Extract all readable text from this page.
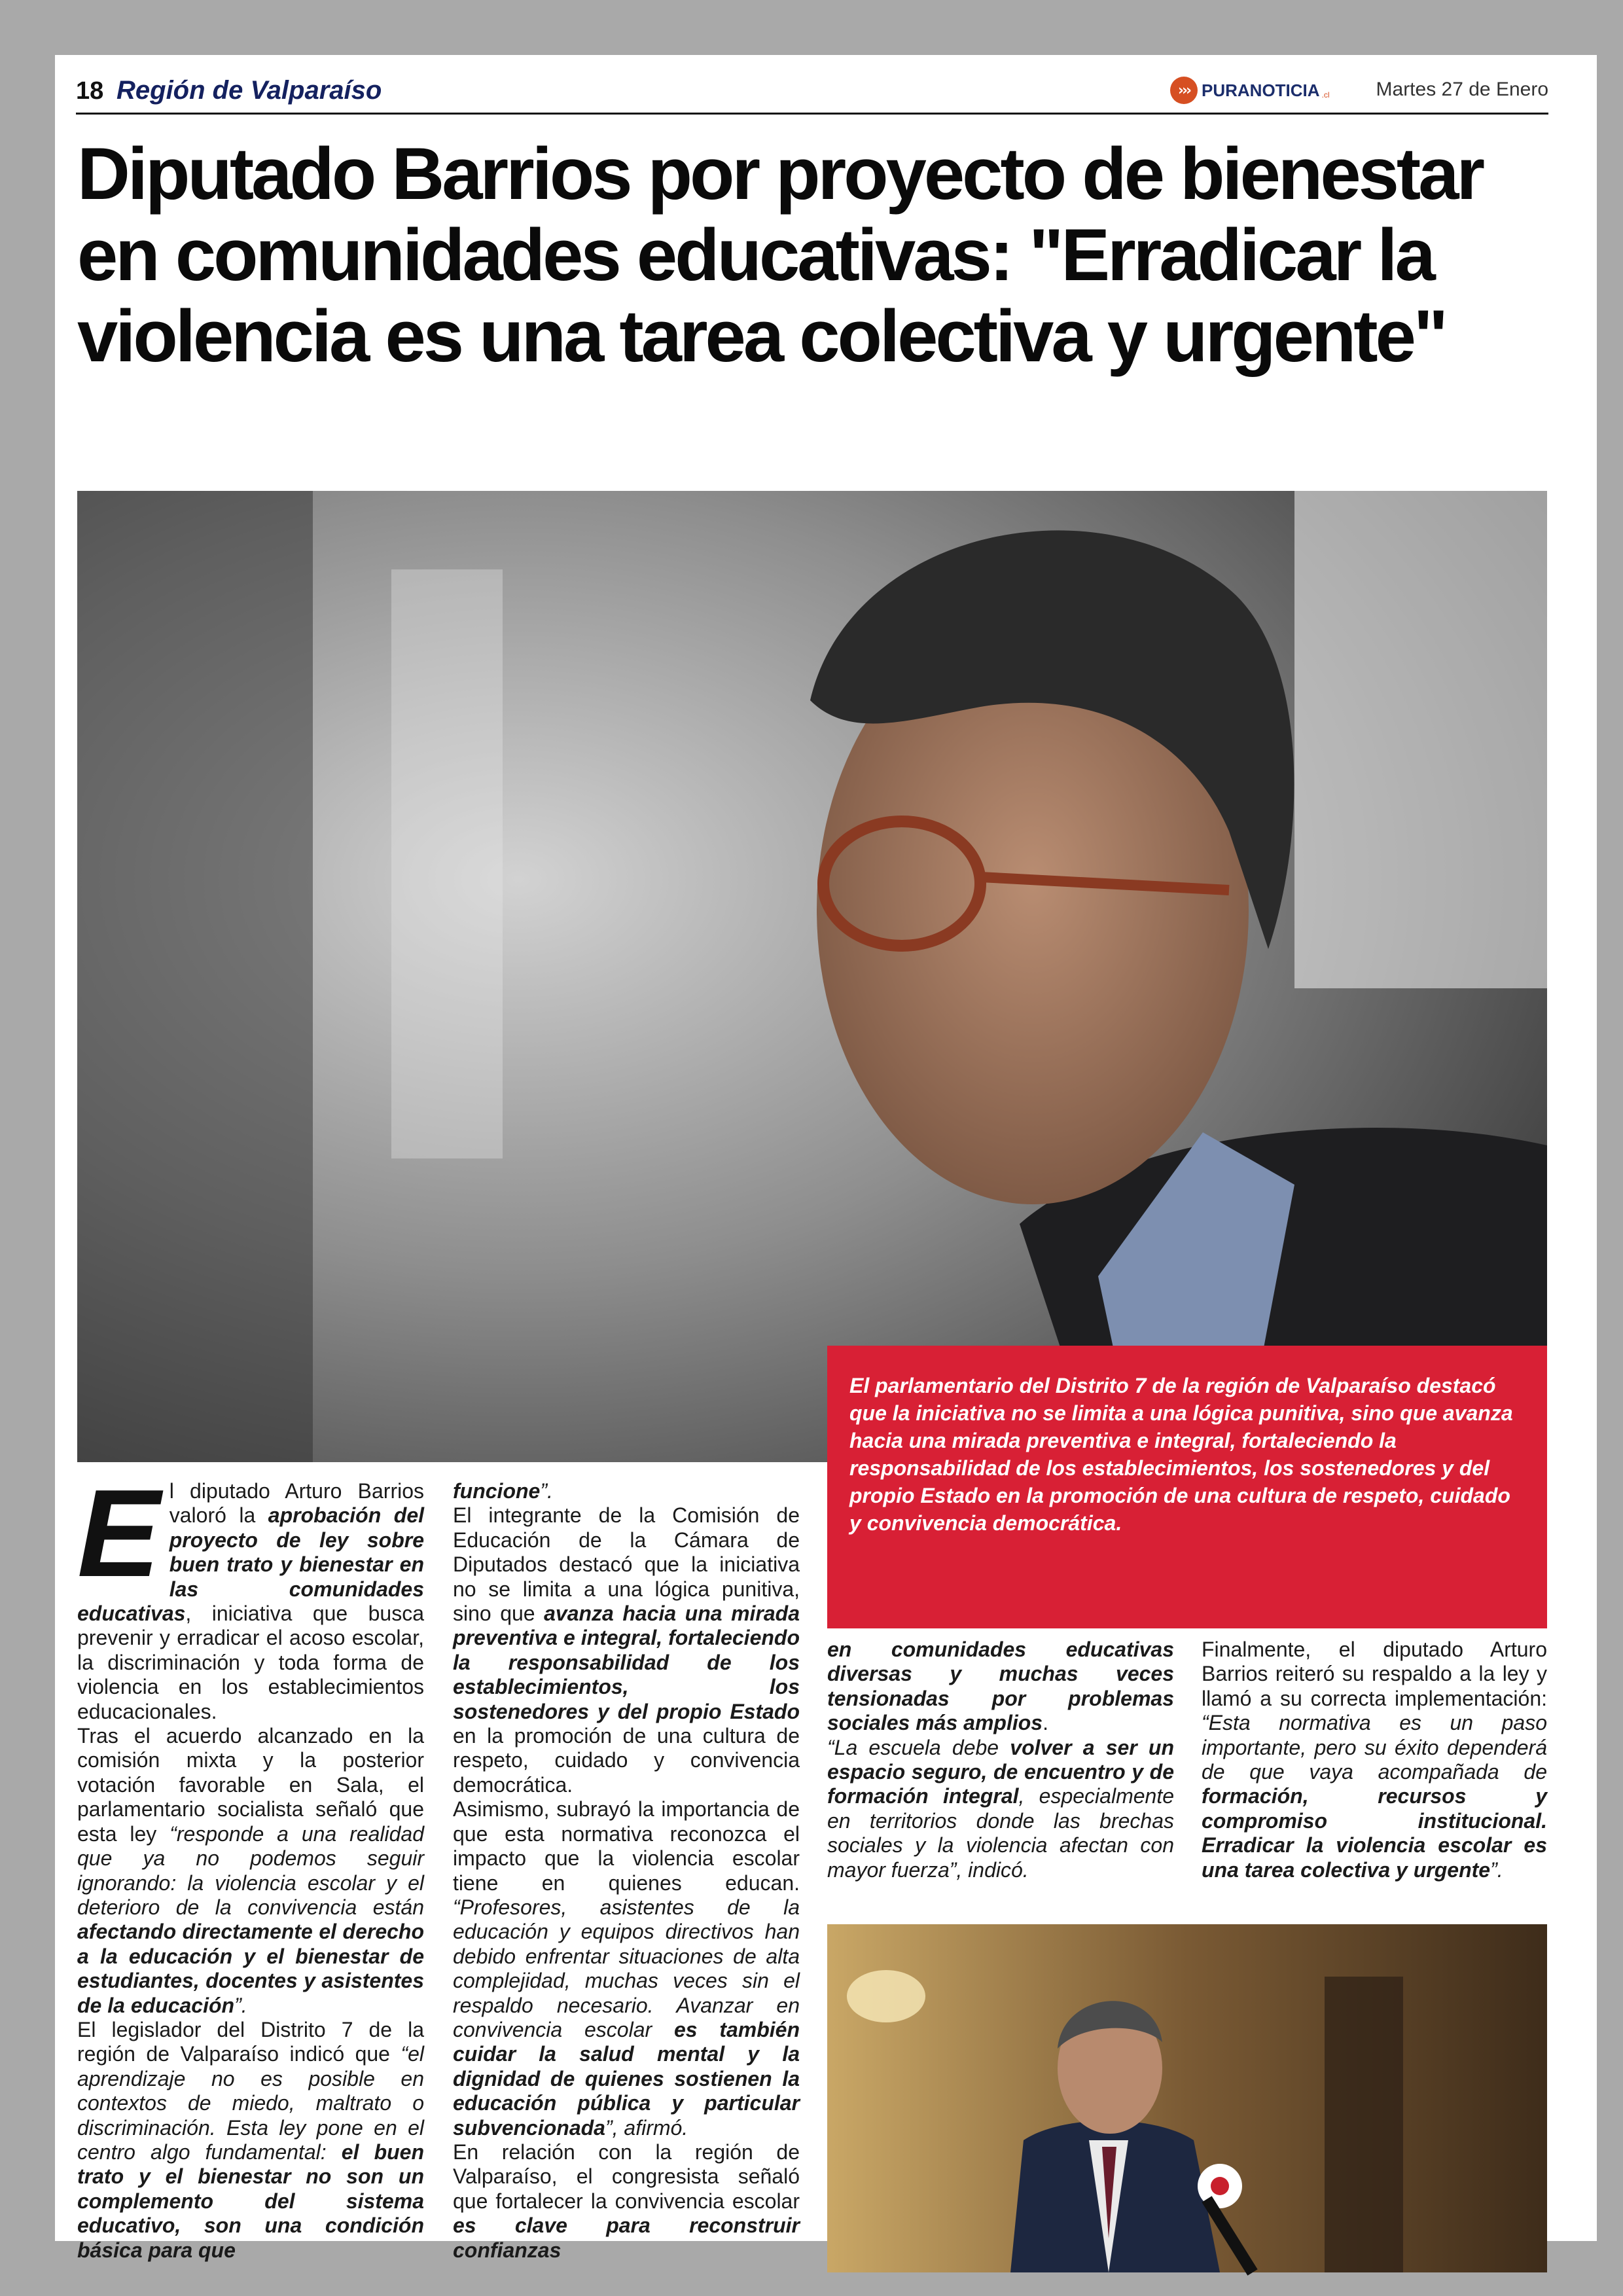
18 Región de Valparaíso	››› PURANOTICIA .cl Martes 27 de Enero
Diputado Barrios por proyecto de bienestar en comunidades educativas: "Erradicar la violencia es una tarea colectiva y urgente"

El parlamentario del Distrito 7 de la región de Valparaíso destacó que la iniciativa no se limita a una lógica punitiva, sino que avanza hacia una mirada preventiva e integral, fortaleciendo la responsabilidad de los establecimientos, los sostenedores y del propio Estado en la promoción de una cultura de respeto, cuidado y convivencia democrática.

El diputado Arturo Barrios valoró la aprobación del proyecto de ley sobre buen trato y bienestar en las comunidades educativas, iniciativa que busca prevenir y erradicar el acoso escolar, la discriminación y toda forma de violencia en los establecimientos educacionales.
Tras el acuerdo alcanzado en la comisión mixta y la posterior votación favorable en Sala, el parlamentario socialista señaló que esta ley “responde a una realidad que ya no podemos seguir ignorando: la violencia escolar y el deterioro de la convivencia están afectando directamente el derecho a la educación y el bienestar de estudiantes, docentes y asistentes de la educación”.
El legislador del Distrito 7 de la región de Valparaíso indicó que “el aprendizaje no es posible en contextos de miedo, maltrato o discriminación. Esta ley pone en el centro algo fundamental: el buen trato y el bienestar no son un complemento del sistema educativo, son una condición básica para que

funcione”.
El integrante de la Comisión de Educación de la Cámara de Diputados destacó que la iniciativa no se limita a una lógica punitiva, sino que avanza hacia una mirada preventiva e integral, fortaleciendo la responsabilidad de los establecimientos, los sostenedores y del propio Estado en la promoción de una cultura de respeto, cuidado y convivencia democrática.
Asimismo, subrayó la importancia de que esta normativa reconozca el impacto que la violencia escolar tiene en quienes educan. “Profesores, asistentes de la educación y equipos directivos han debido enfrentar situaciones de alta complejidad, muchas veces sin el respaldo necesario. Avanzar en convivencia escolar es también cuidar la salud mental y la dignidad de quienes sostienen la educación pública y particular subvencionada”, afirmó.
En relación con la región de Valparaíso, el congresista señaló que fortalecer la convivencia escolar es clave para reconstruir confianzas

en comunidades educativas diversas y muchas veces tensionadas por problemas sociales más amplios.
“La escuela debe volver a ser un espacio seguro, de encuentro y de formación integral, especialmente en territorios donde las brechas sociales y la violencia afectan con mayor fuerza”, indicó.

Finalmente, el diputado Arturo Barrios reiteró su respaldo a la ley y llamó a su correcta implementación: “Esta normativa es un paso importante, pero su éxito dependerá de que vaya acompañada de formación, recursos y compromiso institucional. Erradicar la violencia escolar es una tarea colectiva y urgente”.
